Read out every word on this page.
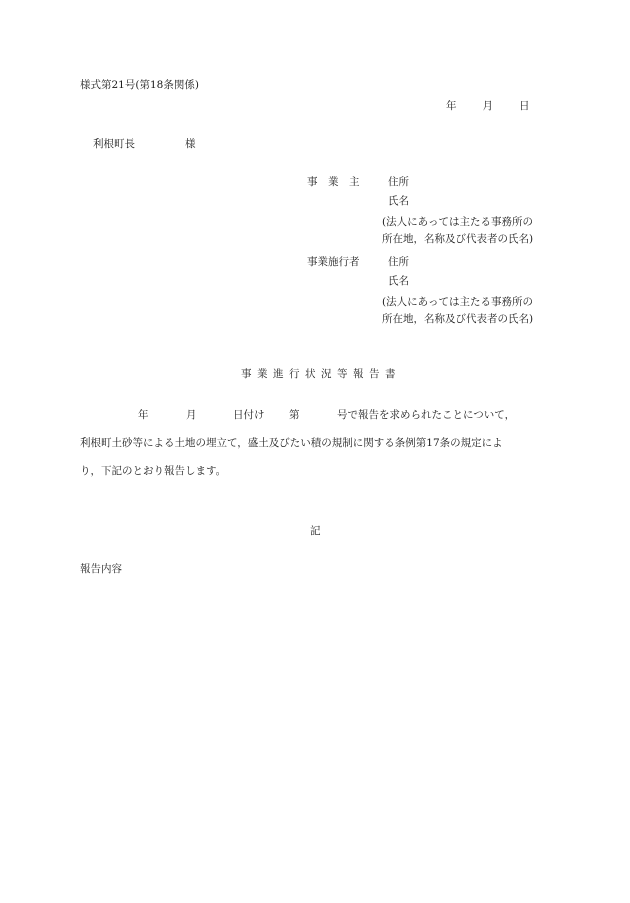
様式第21号(第18条関係)
年 月 日
利根町長	様
事　業　主	住所
氏名
(法人にあっては主たる事務所の
所在地，名称及び代表者の氏名)
事業施行者	住所
氏名
(法人にあっては主たる事務所の
所在地，名称及び代表者の氏名)
事業進行状況等報告書
年	月	日付け 第	号で報告を求められたことについて，
利根町土砂等による土地の埋立て，盛土及びたい積の規制に関する条例第17条の規定によ
り，下記のとおり報告します。
記
報告内容
